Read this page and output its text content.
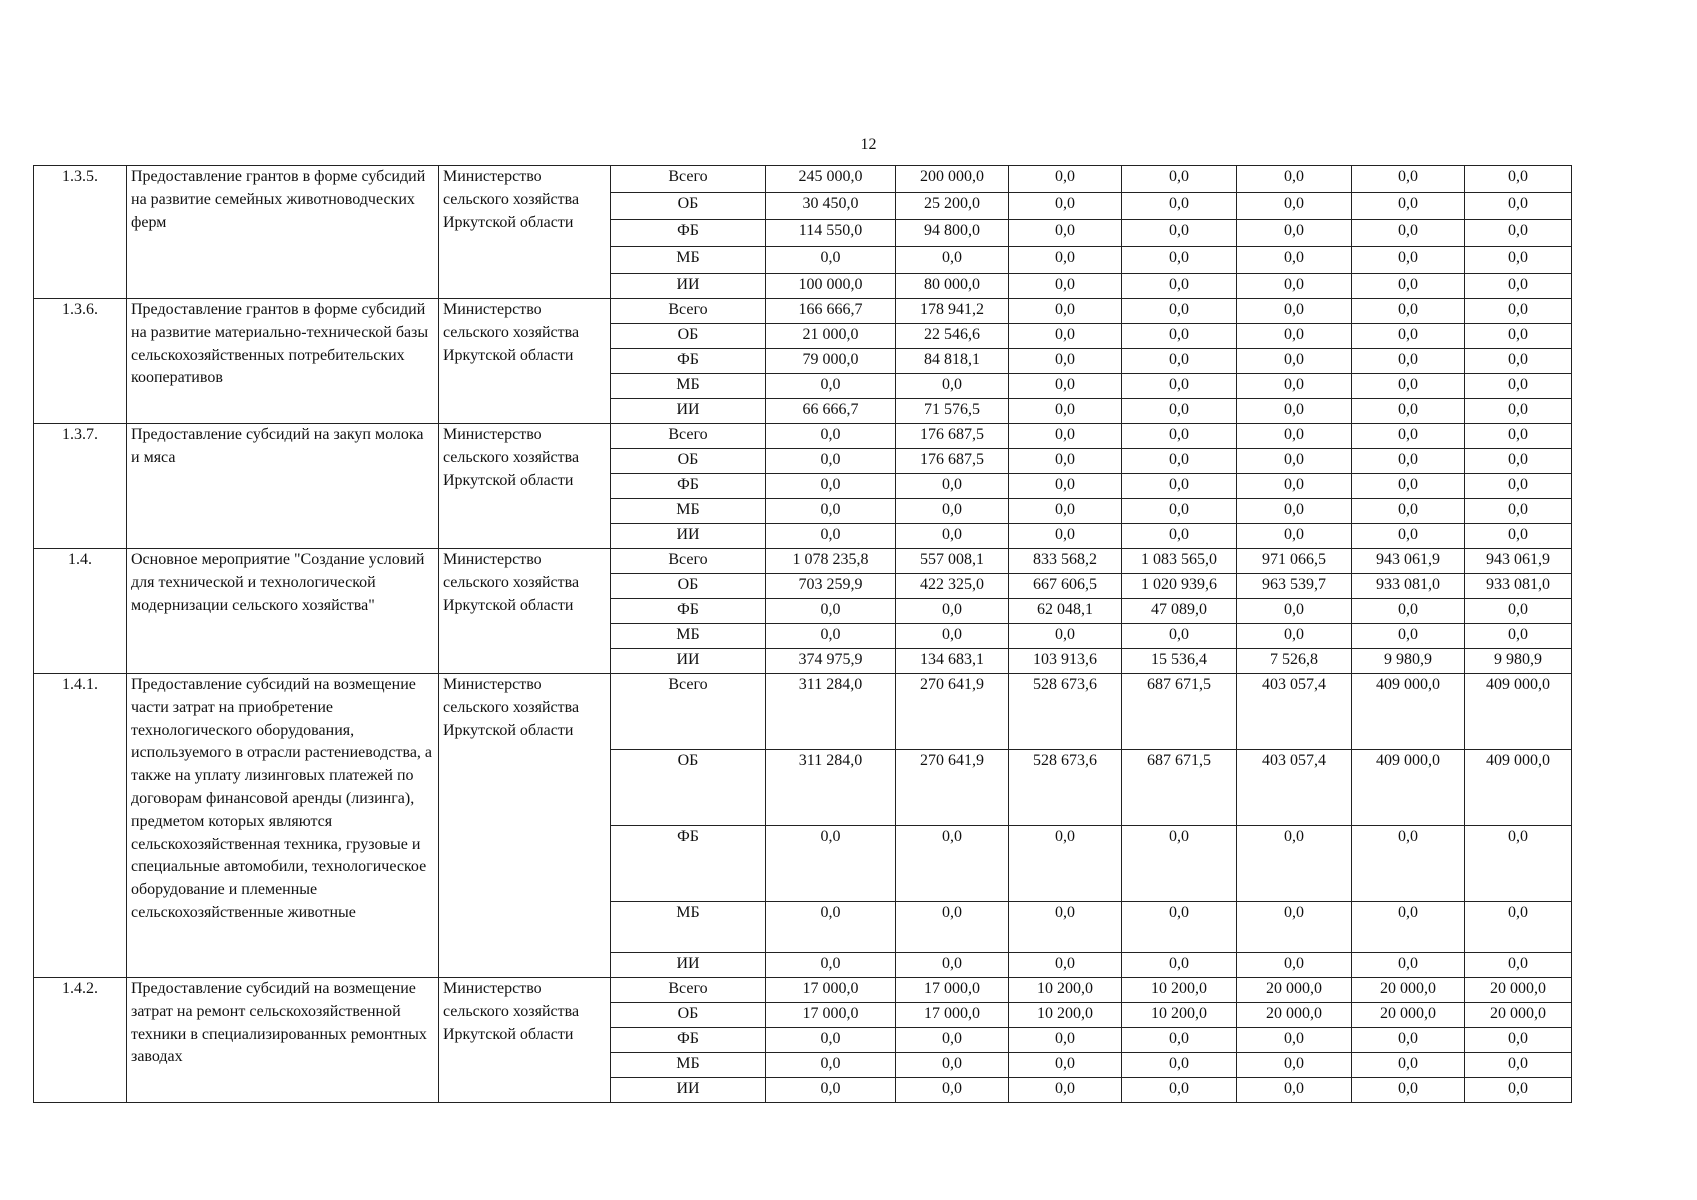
12
1.3.5.	Предоставление грантов в форме субсидий на развитие семейных животноводческих ферм	Министерство сельского хозяйства Иркутской области	Всего	245 000,0	200 000,0	0,0	0,0	0,0	0,0	0,0
			ОБ	30 450,0	25 200,0	0,0	0,0	0,0	0,0	0,0
			ФБ	114 550,0	94 800,0	0,0	0,0	0,0	0,0	0,0
			МБ	0,0	0,0	0,0	0,0	0,0	0,0	0,0
			ИИ	100 000,0	80 000,0	0,0	0,0	0,0	0,0	0,0
1.3.6.	Предоставление грантов в форме субсидий на развитие материально-технической базы сельскохозяйственных потребительских кооперативов	Министерство сельского хозяйства Иркутской области	Всего	166 666,7	178 941,2	0,0	0,0	0,0	0,0	0,0
			ОБ	21 000,0	22 546,6	0,0	0,0	0,0	0,0	0,0
			ФБ	79 000,0	84 818,1	0,0	0,0	0,0	0,0	0,0
			МБ	0,0	0,0	0,0	0,0	0,0	0,0	0,0
			ИИ	66 666,7	71 576,5	0,0	0,0	0,0	0,0	0,0
1.3.7.	Предоставление субсидий на закуп молока и мяса	Министерство сельского хозяйства Иркутской области	Всего	0,0	176 687,5	0,0	0,0	0,0	0,0	0,0
			ОБ	0,0	176 687,5	0,0	0,0	0,0	0,0	0,0
			ФБ	0,0	0,0	0,0	0,0	0,0	0,0	0,0
			МБ	0,0	0,0	0,0	0,0	0,0	0,0	0,0
			ИИ	0,0	0,0	0,0	0,0	0,0	0,0	0,0
1.4.	Основное мероприятие "Создание условий для технической и технологической модернизации сельского хозяйства"	Министерство сельского хозяйства Иркутской области	Всего	1 078 235,8	557 008,1	833 568,2	1 083 565,0	971 066,5	943 061,9	943 061,9
			ОБ	703 259,9	422 325,0	667 606,5	1 020 939,6	963 539,7	933 081,0	933 081,0
			ФБ	0,0	0,0	62 048,1	47 089,0	0,0	0,0	0,0
			МБ	0,0	0,0	0,0	0,0	0,0	0,0	0,0
			ИИ	374 975,9	134 683,1	103 913,6	15 536,4	7 526,8	9 980,9	9 980,9
1.4.1.	Предоставление субсидий на возмещение части затрат на приобретение технологического оборудования, используемого в отрасли растениеводства, а также на уплату лизинговых платежей по договорам финансовой аренды (лизинга), предметом которых являются сельскохозяйственная техника, грузовые и специальные автомобили, технологическое оборудование и племенные сельскохозяйственные животные	Министерство сельского хозяйства Иркутской области	Всего	311 284,0	270 641,9	528 673,6	687 671,5	403 057,4	409 000,0	409 000,0
			ОБ	311 284,0	270 641,9	528 673,6	687 671,5	403 057,4	409 000,0	409 000,0
			ФБ	0,0	0,0	0,0	0,0	0,0	0,0	0,0
			МБ	0,0	0,0	0,0	0,0	0,0	0,0	0,0
			ИИ	0,0	0,0	0,0	0,0	0,0	0,0	0,0
1.4.2.	Предоставление субсидий на возмещение затрат на ремонт сельскохозяйственной техники в специализированных ремонтных заводах	Министерство сельского хозяйства Иркутской области	Всего	17 000,0	17 000,0	10 200,0	10 200,0	20 000,0	20 000,0	20 000,0
			ОБ	17 000,0	17 000,0	10 200,0	10 200,0	20 000,0	20 000,0	20 000,0
			ФБ	0,0	0,0	0,0	0,0	0,0	0,0	0,0
			МБ	0,0	0,0	0,0	0,0	0,0	0,0	0,0
			ИИ	0,0	0,0	0,0	0,0	0,0	0,0	0,0
